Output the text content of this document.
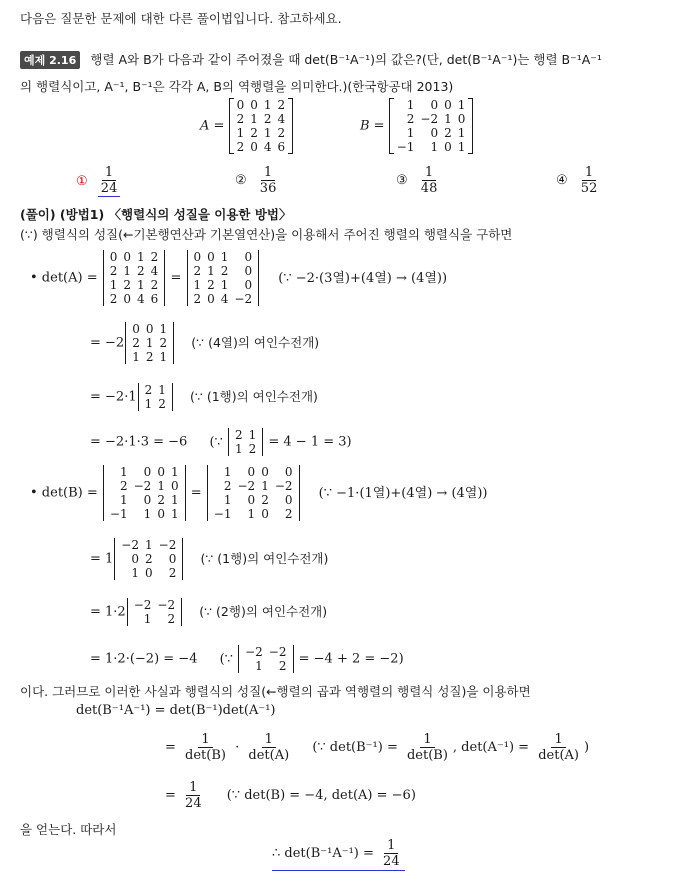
다음은 질문한 문제에 대한 다른 풀이법입니다. 참고하세요.
예제 2.16 행렬 A와 B가 다음과 같이 주어졌을 때 det(B⁻¹A⁻¹)의 값은?(단, det(B⁻¹A⁻¹)는 행렬 B⁻¹A⁻¹
의 행렬식이고, A⁻¹, B⁻¹은 각각 A, B의 역행렬을 의미한다.)(한국항공대 2013)
A =
0	0	1	2
2	1	2	4
1	2	1	2
2	0	4	6
B =
1	0	0	1
2	−2	1	0
1	0	2	1
−1	1	0	1
① $\frac{1}{24}$	② $\frac{1}{36}$	③ $\frac{1}{48}$	④ $\frac{1}{52}$
(풀이) (방법1) 〈행렬식의 성질을 이용한 방법〉
(∵) 행렬식의 성질(←기본행연산과 기본열연산)을 이용해서 주어진 행렬의 행렬식을 구하면
• det(A) =
0	0	1	2
2	1	2	4
1	2	1	2
2	0	4	6
=
0	0	1	0
2	1	2	0
1	2	1	0
2	0	4	−2
(∵ −2·(3열)+(4열) → (4열))
= −2
0	0	1
2	1	2
1	2	1
(∵ (4열)의 여인수전개)
= −2·1 2	1
1	2
(∵ (1행)의 여인수전개)
= −2·1·3 = −6 (∵ 2	1
1	2 = 4 − 1 = 3)
• det(B) =
1	0	0	1
2	−2	1	0
1	0	2	1
−1	1	0	1
=
1	0	0	0
2	−2	1	−2
1	0	2	0
−1	1	0	2
(∵ −1·(1열)+(4열) → (4열))
= 1
−2	1	−2
0	2	0
1	0	2
(∵ (1행)의 여인수전개)
= 1·2 −2	−2
1	2
(∵ (2행)의 여인수전개)
= 1·2·(−2) = −4 (∵ −2	−2
1	2 = −4 + 2 = −2)
이다. 그러므로 이러한 사실과 행렬식의 성질(←행렬의 곱과 역행렬의 행렬식 성질)을 이용하면
det(B⁻¹A⁻¹) = det(B⁻¹)det(A⁻¹)
= $\frac{1}{\det(B)} \cdot \frac{1}{\det(A)}$ (∵ $\det(B^{-1}) = \frac{1}{\det(B)}$ , $\det(A^{-1}) = \frac{1}{\det(A)}$ )
= $\frac{1}{24}$ (∵ det(B) = −4, det(A) = −6)
을 얻는다. 따라서
∴ $\det(B^{-1}A^{-1}) = \frac{1}{24}$
